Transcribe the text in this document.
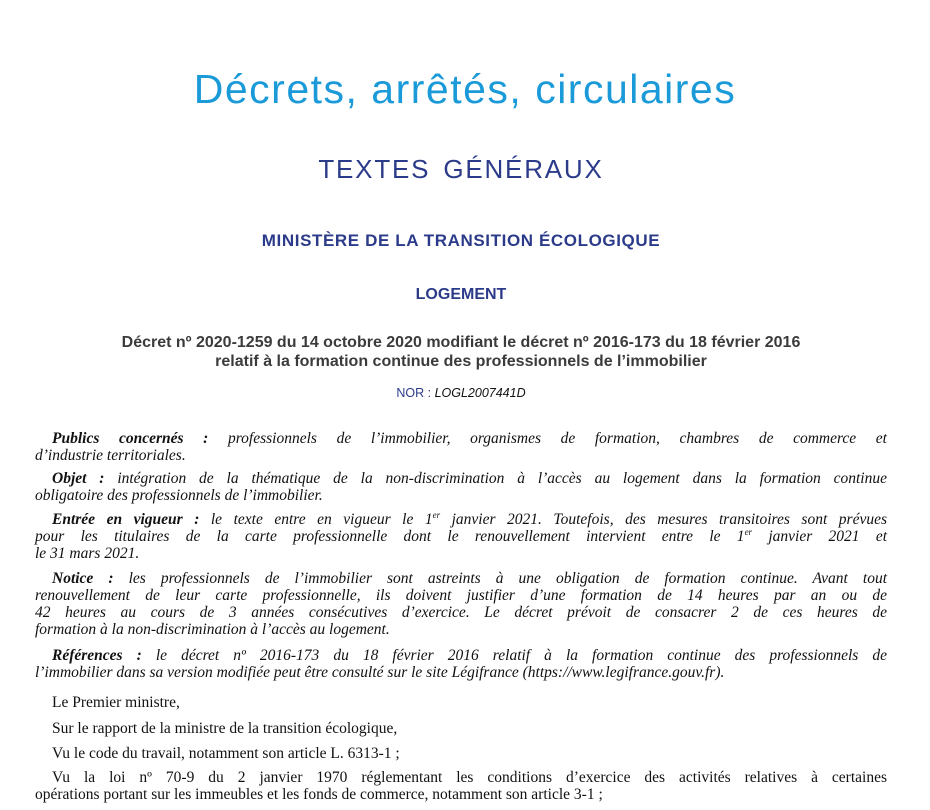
Décrets, arrêtés, circulaires
TEXTES GÉNÉRAUX
MINISTÈRE DE LA TRANSITION ÉCOLOGIQUE
LOGEMENT
Décret nº 2020-1259 du 14 octobre 2020 modifiant le décret nº 2016-173 du 18 février 2016
relatif à la formation continue des professionnels de l’immobilier
NOR : LOGL2007441D
Publics concernés : professionnels de l’immobilier, organismes de formation, chambres de commerce et
d’industrie territoriales.
Objet : intégration de la thématique de la non-discrimination à l’accès au logement dans la formation continue
obligatoire des professionnels de l’immobilier.
Entrée en vigueur : le texte entre en vigueur le 1er janvier 2021. Toutefois, des mesures transitoires sont prévues
pour les titulaires de la carte professionnelle dont le renouvellement intervient entre le 1er janvier 2021 et
le 31 mars 2021.
Notice : les professionnels de l’immobilier sont astreints à une obligation de formation continue. Avant tout
renouvellement de leur carte professionnelle, ils doivent justifier d’une formation de 14 heures par an ou de
42 heures au cours de 3 années consécutives d’exercice. Le décret prévoit de consacrer 2 de ces heures de
formation à la non-discrimination à l’accès au logement.
Références : le décret nº 2016-173 du 18 février 2016 relatif à la formation continue des professionnels de
l’immobilier dans sa version modifiée peut être consulté sur le site Légifrance (https://www.legifrance.gouv.fr).
Le Premier ministre,
Sur le rapport de la ministre de la transition écologique,
Vu le code du travail, notamment son article L. 6313-1 ;
Vu la loi nº 70-9 du 2 janvier 1970 réglementant les conditions d’exercice des activités relatives à certaines
opérations portant sur les immeubles et les fonds de commerce, notamment son article 3-1 ;
